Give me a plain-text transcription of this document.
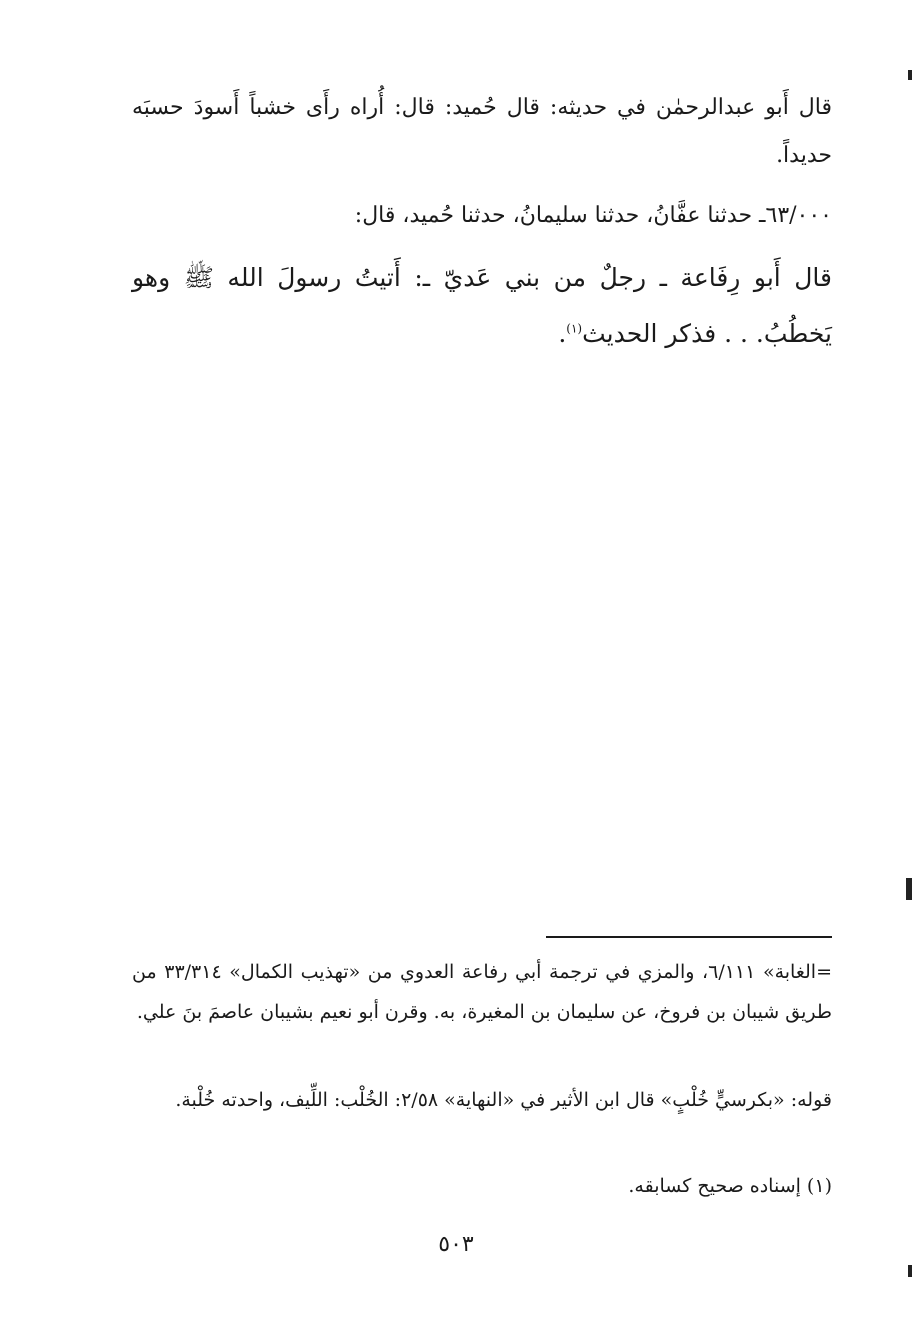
قال أَبو عبدالرحمٰن في حديثه: قال حُميد: قال: أُراه رأَى خشباً أَسودَ حسبَه حديداً.

٦٣/٠٠٠ـ حدثنا عفَّانُ، حدثنا سليمانُ، حدثنا حُميد، قال:

قال أَبو رِفَاعة ـ رجلٌ من بني عَديّ ـ: أَتيتُ رسولَ الله ﷺ وهو يَخطُبُ. . . فذكر الحديث$^{(١)}$.

=الغابة» ٦/١١١، والمزي في ترجمة أبي رفاعة العدوي من «تهذيب الكمال» ٣٣/٣١٤ من طريق شيبان بن فروخ، عن سليمان بن المغيرة، به. وقرن أبو نعيم بشيبان عاصمَ بنَ علي.

قوله: «بكرسيٍّ خُلْبٍ» قال ابن الأثير في «النهاية» ٢/٥٨: الخُلْب: اللِّيف، واحدته خُلْبة.

(١) إسناده صحيح كسابقه.

٥٠٣
